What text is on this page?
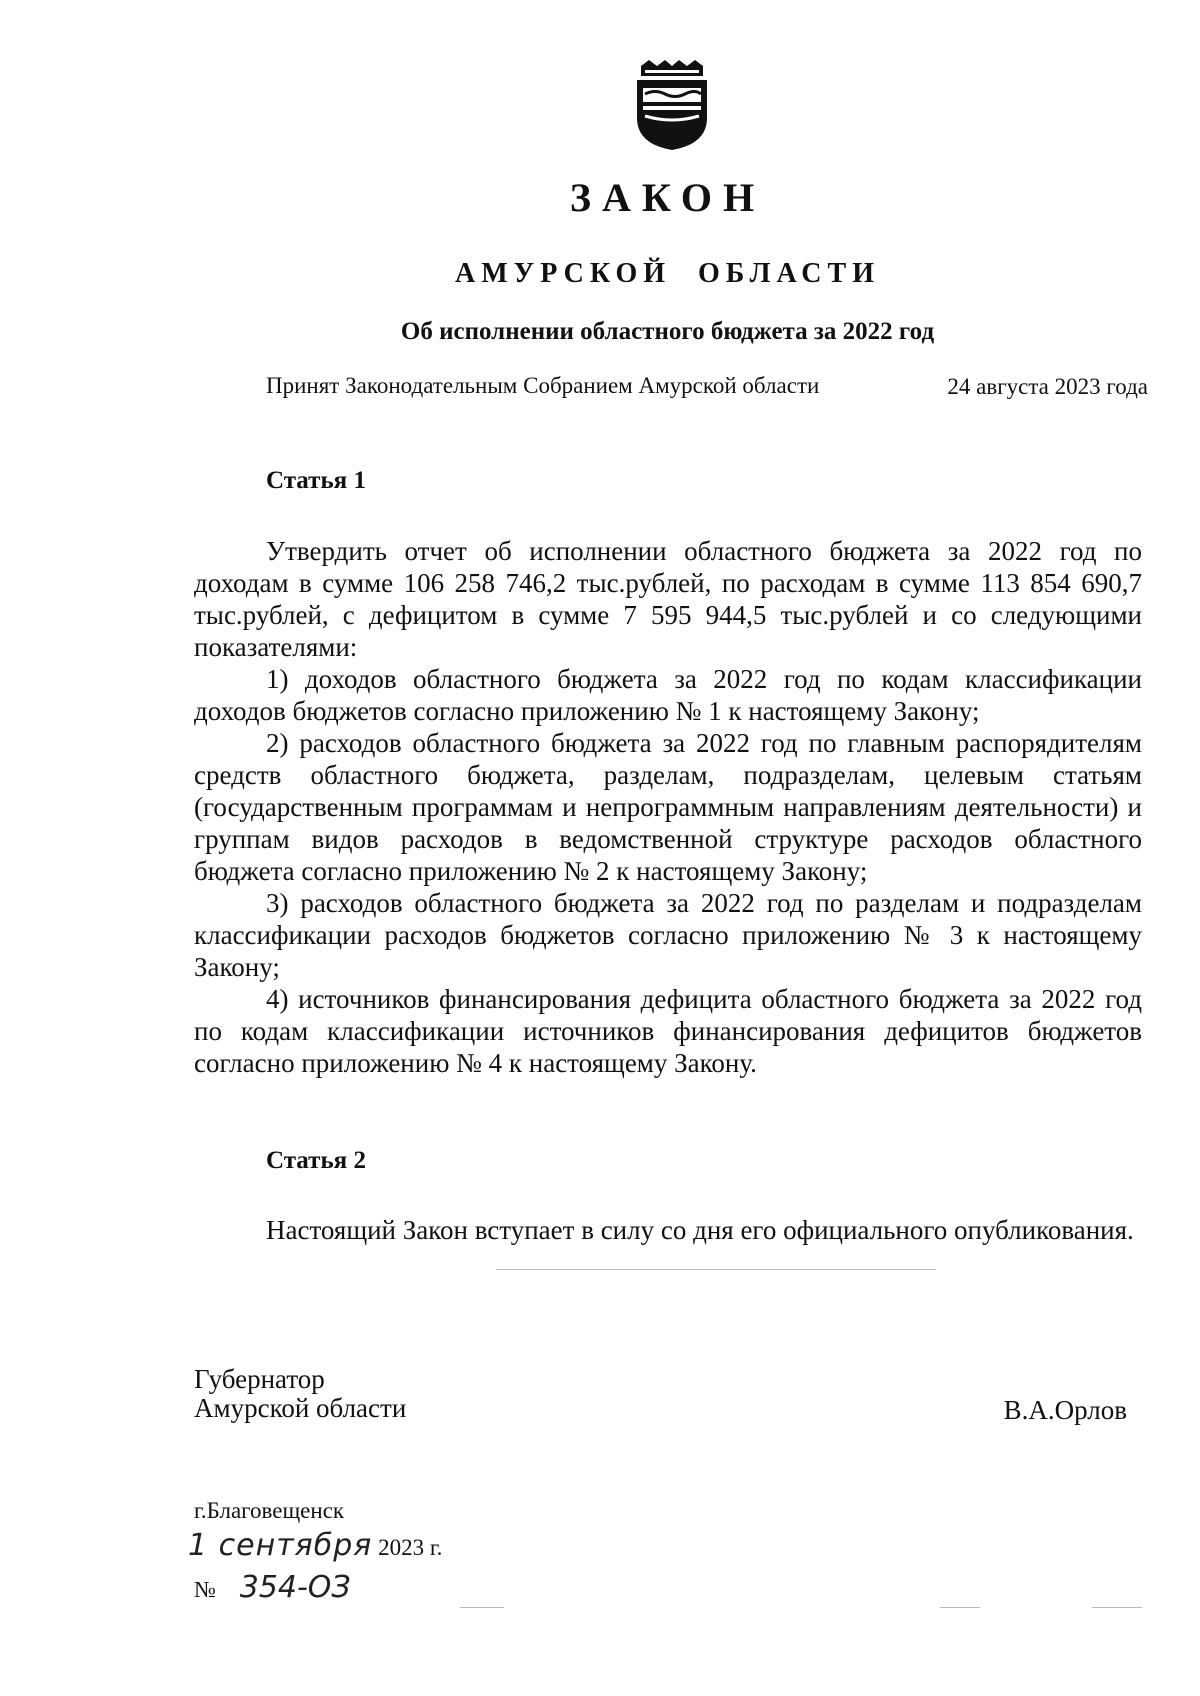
ЗАКОН
АМУРСКОЙ ОБЛАСТИ
Об исполнении областного бюджета за 2022 год
Принят Законодательным Собранием Амурской области	24 августа 2023 года
Статья 1

Утвердить отчет об исполнении областного бюджета за 2022 год по доходам в сумме 106 258 746,2 тыс.рублей, по расходам в сумме 113 854 690,7 тыс.рублей, с дефицитом в сумме 7 595 944,5 тыс.рублей и со следующими показателями:

1) доходов областного бюджета за 2022 год по кодам классификации доходов бюджетов согласно приложению № 1 к настоящему Закону;

2) расходов областного бюджета за 2022 год по главным распорядителям средств областного бюджета, разделам, подразделам, целевым статьям (государственным программам и непрограммным направлениям деятельности) и группам видов расходов в ведомственной структуре расходов областного бюджета согласно приложению № 2 к настоящему Закону;

3) расходов областного бюджета за 2022 год по разделам и подразделам классификации расходов бюджетов согласно приложению № 3 к настоящему Закону;

4) источников финансирования дефицита областного бюджета за 2022 год по кодам классификации источников финансирования дефицитов бюджетов согласно приложению № 4 к настоящему Закону.

Статья 2

Настоящий Закон вступает в силу со дня его официального опубликования.

Губернатор
Амурской области	В.А.Орлов
г.Благовещенск
1 сентября 2023 г.
№ 354-ОЗ
